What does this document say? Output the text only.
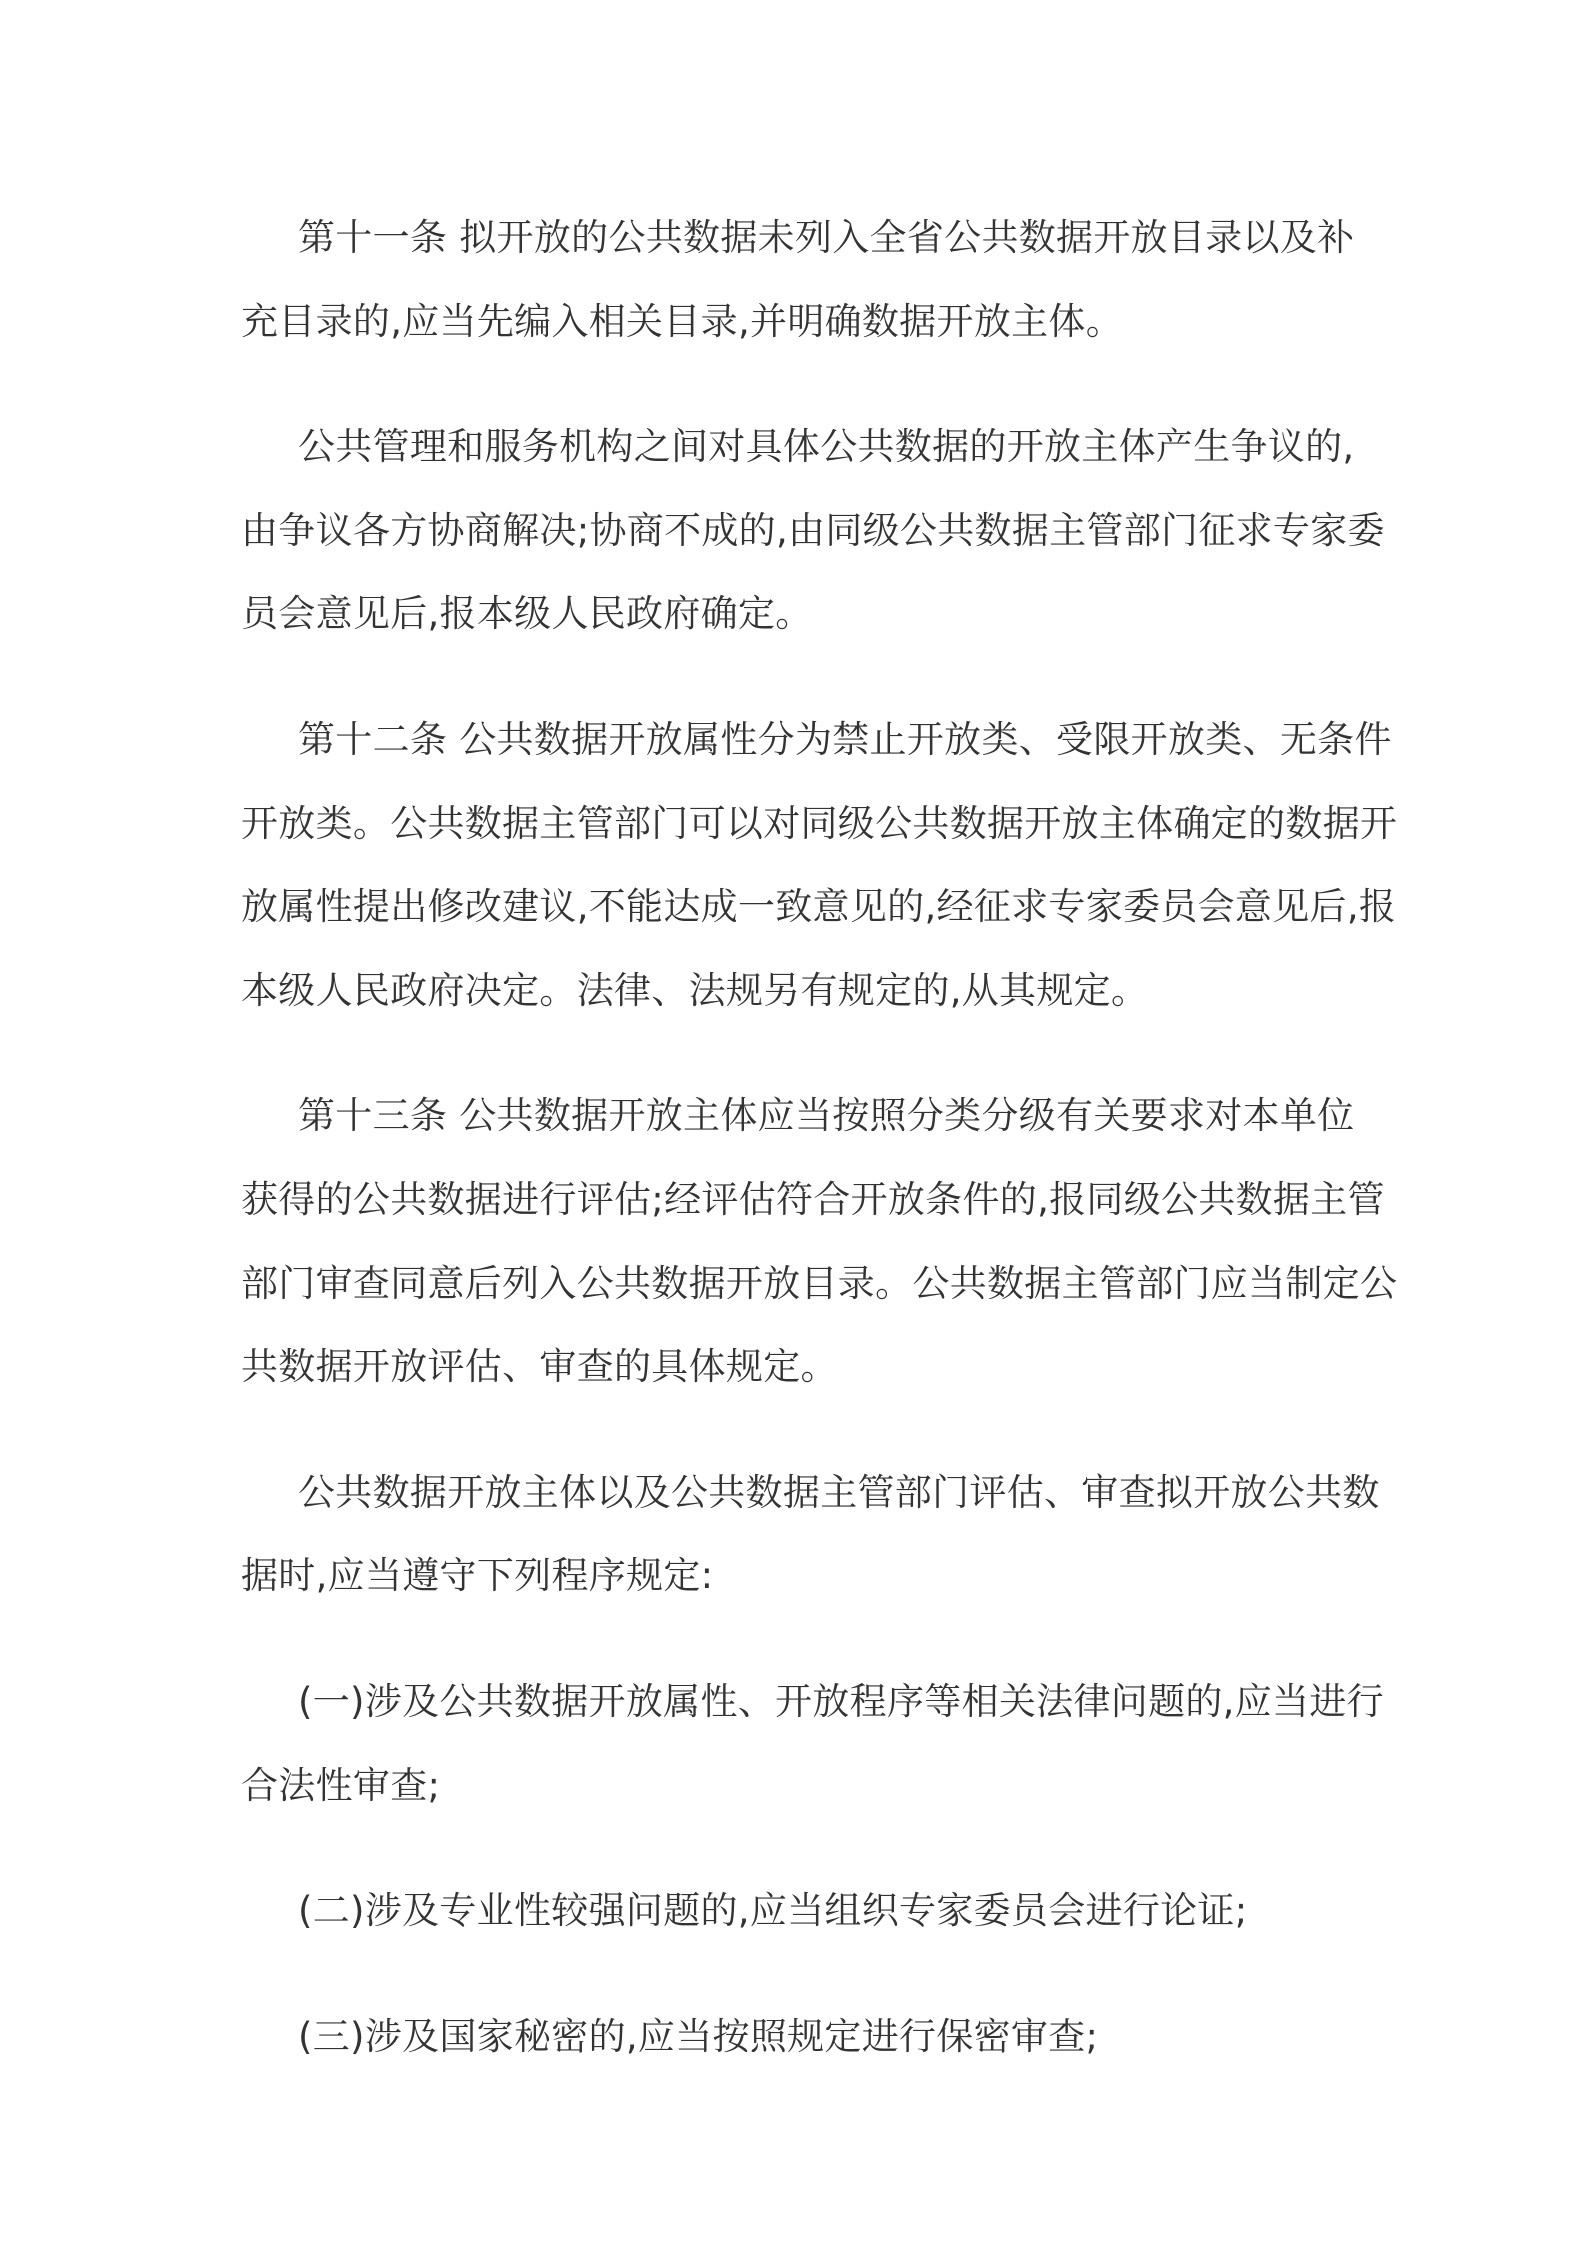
第十一条 拟开放的公共数据未列入全省公共数据开放目录以及补
充目录的,应当先编入相关目录,并明确数据开放主体。
公共管理和服务机构之间对具体公共数据的开放主体产生争议的,
由争议各方协商解决;协商不成的,由同级公共数据主管部门征求专家委
员会意见后,报本级人民政府确定。
第十二条 公共数据开放属性分为禁止开放类、受限开放类、无条件
开放类。公共数据主管部门可以对同级公共数据开放主体确定的数据开
放属性提出修改建议,不能达成一致意见的,经征求专家委员会意见后,报
本级人民政府决定。法律、法规另有规定的,从其规定。
第十三条 公共数据开放主体应当按照分类分级有关要求对本单位
获得的公共数据进行评估;经评估符合开放条件的,报同级公共数据主管
部门审查同意后列入公共数据开放目录。公共数据主管部门应当制定公
共数据开放评估、审查的具体规定。
公共数据开放主体以及公共数据主管部门评估、审查拟开放公共数
据时,应当遵守下列程序规定:
(一)涉及公共数据开放属性、开放程序等相关法律问题的,应当进行
合法性审查;
(二)涉及专业性较强问题的,应当组织专家委员会进行论证;
(三)涉及国家秘密的,应当按照规定进行保密审查;
